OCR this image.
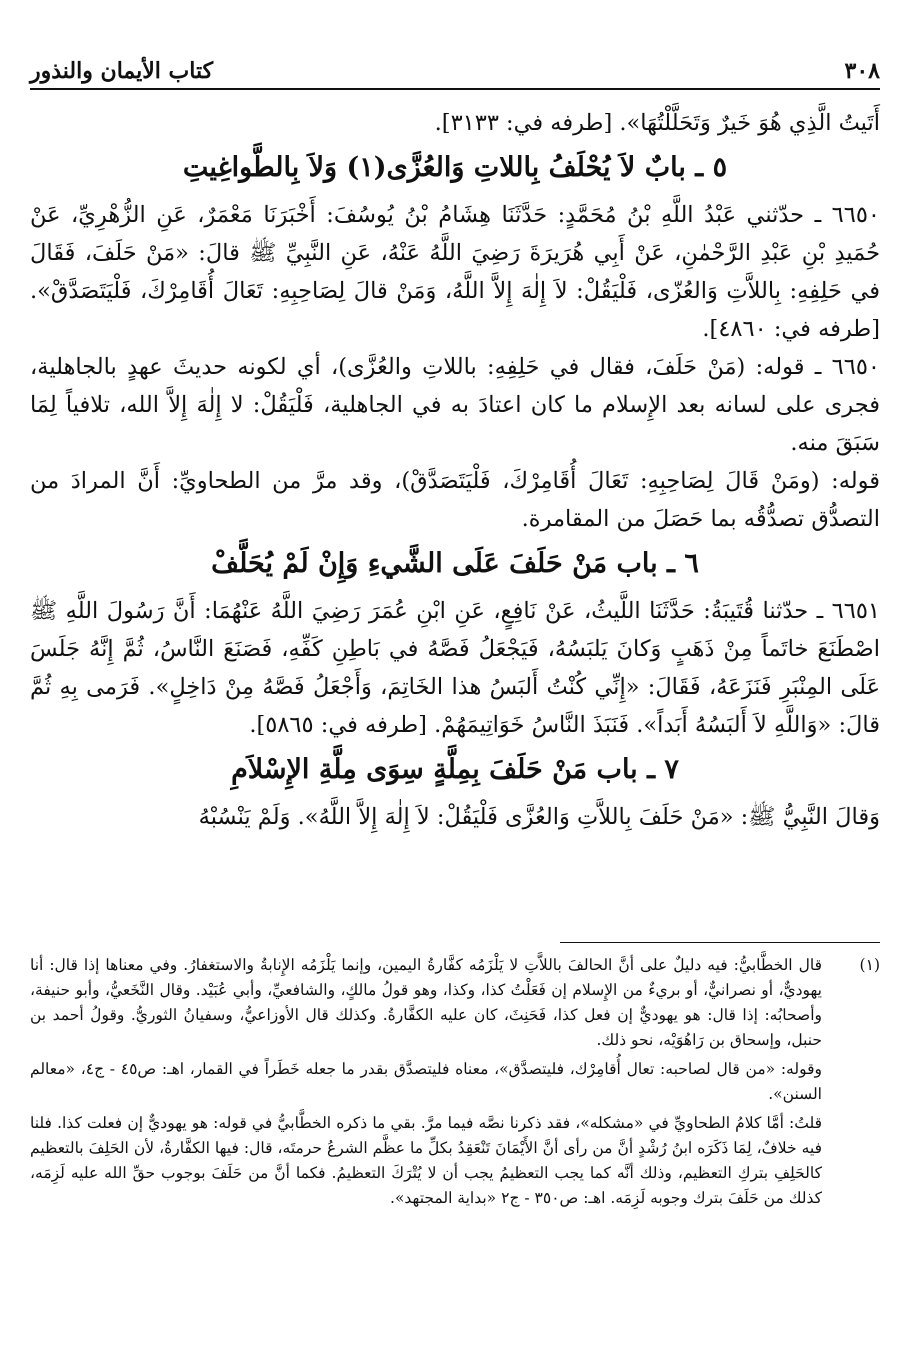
٣٠٨
كتاب الأيمان والنذور

أَتَيتُ الَّذِي هُوَ خَيرٌ وَتَحَلَّلْتُهَا». [طرفه في: ٣١٣٣].

٥ ـ بابٌ لاَ يُحْلَفُ بِاللاتِ وَالعُزَّى(١) وَلاَ بِالطَّواغِيتِ

٦٦٥٠ ـ حدّثني عَبْدُ اللَّهِ بْنُ مُحَمَّدٍ: حَدَّثَنَا هِشَامُ بْنُ يُوسُفَ: أَخْبَرَنَا مَعْمَرٌ، عَنِ الزُّهْرِيِّ، عَنْ حُمَيدِ بْنِ عَبْدِ الرَّحْمٰنِ، عَنْ أَبِي هُرَيرَةَ رَضِيَ اللَّهُ عَنْهُ، عَنِ النَّبِيِّ ﷺ قالَ: «مَنْ حَلَفَ، فَقَالَ في حَلِفِهِ: بِاللاَّتِ وَالعُزّى، فَلْيَقُلْ: لاَ إِلٰهَ إِلاَّ اللَّهُ، وَمَنْ قالَ لِصَاحِبِهِ: تَعَالَ أُقَامِرْكَ، فَلْيَتَصَدَّقْ». [طرفه في: ٤٨٦٠].

٦٦٥٠ ـ قوله: (مَنْ حَلَفَ، فقال في حَلِفِهِ: باللاتِ والعُزَّى)، أي لكونه حديثَ عهدٍ بالجاهلية، فجرى على لسانه بعد الإِسلام ما كان اعتادَ به في الجاهلية، فَلْيَقُلْ: لا إِلٰهَ إِلاَّ الله، تلافياً لِمَا سَبَقَ منه.

قوله: (ومَنْ قَالَ لِصَاحِبِهِ: تَعَالَ أُقَامِرْكَ، فَلْيَتَصَدَّقْ)، وقد مرَّ من الطحاويِّ: أَنَّ المرادَ من التصدُّق تصدُّقُه بما حَصَلَ من المقامرة.

٦ ـ باب مَنْ حَلَفَ عَلَى الشَّيءِ وَإِنْ لَمْ يُحَلَّفْ

٦٦٥١ ـ حدّثنا قُتَيبَةُ: حَدَّثَنَا اللَّيثُ، عَنْ نَافِعٍ، عَنِ ابْنِ عُمَرَ رَضِيَ اللَّهُ عَنْهُمَا: أَنَّ رَسُولَ اللَّهِ ﷺ اصْطَنَعَ خاتَماً مِنْ ذَهَبٍ وَكانَ يَلبَسُهُ، فَيَجْعَلُ فَصَّهُ في بَاطِنِ كَفِّهِ، فَصَنَعَ النَّاسُ، ثُمَّ إِنَّهُ جَلَسَ عَلَى المِنْبَرِ فَنَزَعَهُ، فَقَالَ: «إِنِّي كُنْتُ أَلبَسُ هذا الخَاتِمَ، وَأَجْعَلُ فَصَّهُ مِنْ دَاخِلٍ». فَرَمى بِهِ ثُمَّ قالَ: «وَاللَّهِ لاَ أَلبَسُهُ أَبَداً». فَنَبَذَ النَّاسُ خَوَاتِيمَهُمْ. [طرفه في: ٥٨٦٥].

٧ ـ باب مَنْ حَلَفَ بِمِلَّةٍ سِوَى مِلَّةِ الإِسْلاَمِ

وَقالَ النَّبِيُّ ﷺ: «مَنْ حَلَفَ بِاللاَّتِ وَالعُزَّى فَلْيَقُلْ: لاَ إِلٰهَ إِلاَّ اللَّهُ». وَلَمْ يَنْسُبْهُ

(١)

قال الخطَّابيُّ: فيه دليلٌ على أنَّ الحالفَ باللاَّتِ لا يَلْزَمُه كفَّارةُ اليمين، وإنما يَلْزَمُه الإِنابةُ والاستغفارُ. وفي معناها إذا قال: أنا يهوديٌّ، أو نصرانيٌّ، أو بريءٌ من الإِسلام إن فَعَلْتُ كذا، وكذا، وهو قولُ مالكٍ، والشافعيِّ، وأبي عُبَيْد. وقال النَّخَعيُّ، وأبو حنيفة، وأصحابُه: إذا قال: هو يهوديٌّ إن فعل كذا، فَحَنِثَ، كان عليه الكفَّارةُ. وكذلك قال الأوزاعيُّ، وسفيانُ الثوريُّ. وقولُ أحمد بن حنبل، وإسحاق بن رَاهُوَيْه، نحو ذلك.

وقوله: «من قال لصاحبه: تعال أُقامِرْك، فليتصدَّق»، معناه فليتصدَّق بقدر ما جعله خَطَراً في القمار، اهـ: ص٤٥ - ج٤، «معالم السنن».

قلتُ: أمَّا كلامُ الطحاويِّ في «مشكله»، فقد ذكرنا نصَّه فيما مرَّ. بقي ما ذكره الخطَّابيُّ في قوله: هو يهوديٌّ إن فعلت كذا. فلنا فيه خلافٌ، لِمَا ذَكَرَه ابنُ رُشْدٍ أنَّ من رأى أنَّ الأَيْمَانَ تَنْعَقِدُ بكلِّ ما عظَّم الشرعُ حرمتَه، قال: فيها الكفَّارةُ، لأن الحَلِفَ بالتعظيم كالحَلِفِ بتركِ التعظيم، وذلك أنَّه كما يجب التعظيمُ يجب أن لا يُتْرَكَ التعظيمُ. فكما أنَّ من حَلَفَ بوجوب حقِّ الله عليه لَزِمَه، كذلك من حَلَفَ بترك وجوبه لَزِمَه. اهـ: ص٣٥٠ - ج٢ «بداية المجتهد».
